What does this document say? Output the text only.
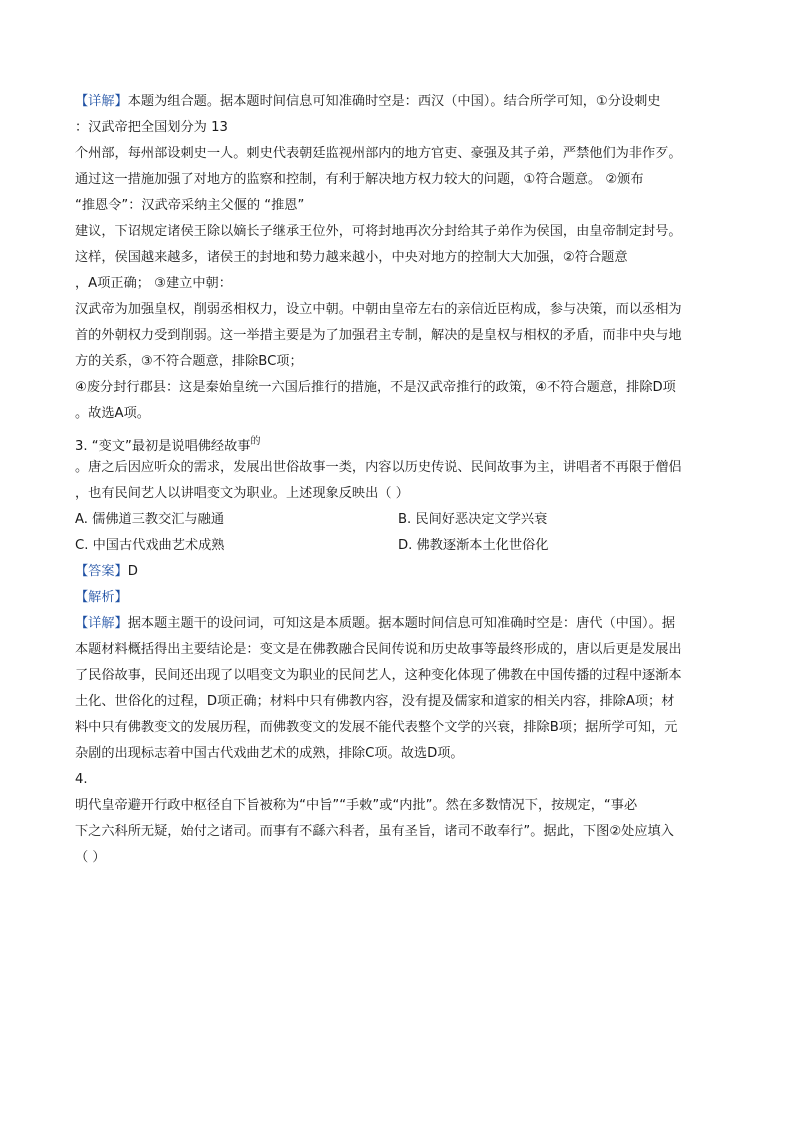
【详解】本题为组合题。据本题时间信息可知准确时空是：西汉（中国）。结合所学可知，①分设刺史
：汉武帝把全国划分为 13
个州部，每州部设刺史一人。刺史代表朝廷监视州部内的地方官吏、豪强及其子弟，严禁他们为非作歹。
通过这一措施加强了对地方的监察和控制，有利于解决地方权力较大的问题，①符合题意。 ②颁布
“推恩令”：汉武帝采纳主父偃的 “推恩”
建议，下诏规定诸侯王除以嫡长子继承王位外，可将封地再次分封给其子弟作为侯国，由皇帝制定封号。
这样，侯国越来越多，诸侯王的封地和势力越来越小，中央对地方的控制大大加强，②符合题意
，A项正确； ③建立中朝：
汉武帝为加强皇权，削弱丞相权力，设立中朝。中朝由皇帝左右的亲信近臣构成，参与决策，而以丞相为
首的外朝权力受到削弱。这一举措主要是为了加强君主专制，解决的是皇权与相权的矛盾，而非中央与地
方的关系，③不符合题意，排除BC项；
④废分封行郡县：这是秦始皇统一六国后推行的措施，不是汉武帝推行的政策，④不符合题意，排除D项
。故选A项。
3. “变文”最初是说唱佛经故事$^的$
。唐之后因应听众的需求，发展出世俗故事一类，内容以历史传说、民间故事为主，讲唱者不再限于僧侣
，也有民间艺人以讲唱变文为职业。上述现象反映出（ ）
A. 儒佛道三教交汇与融通	B. 民间好恶决定文学兴衰
C. 中国古代戏曲艺术成熟	D. 佛教逐渐本土化世俗化
【答案】D
【解析】
【详解】据本题主题干的设问词，可知这是本质题。据本题时间信息可知准确时空是：唐代（中国）。据
本题材料概括得出主要结论是：变文是在佛教融合民间传说和历史故事等最终形成的，唐以后更是发展出
了民俗故事，民间还出现了以唱变文为职业的民间艺人，这种变化体现了佛教在中国传播的过程中逐渐本
土化、世俗化的过程，D项正确；材料中只有佛教内容，没有提及儒家和道家的相关内容，排除A项；材
料中只有佛教变文的发展历程，而佛教变文的发展不能代表整个文学的兴衰，排除B项；据所学可知，元
杂剧的出现标志着中国古代戏曲艺术的成熟，排除C项。故选D项。
4.
明代皇帝避开行政中枢径自下旨被称为“中旨”“手敕”或“内批”。然在多数情况下，按规定，“事必
下之六科所无疑，始付之诸司。而事有不繇六科者，虽有圣旨，诸司不敢奉行”。据此，下图②处应填入
（ ）
